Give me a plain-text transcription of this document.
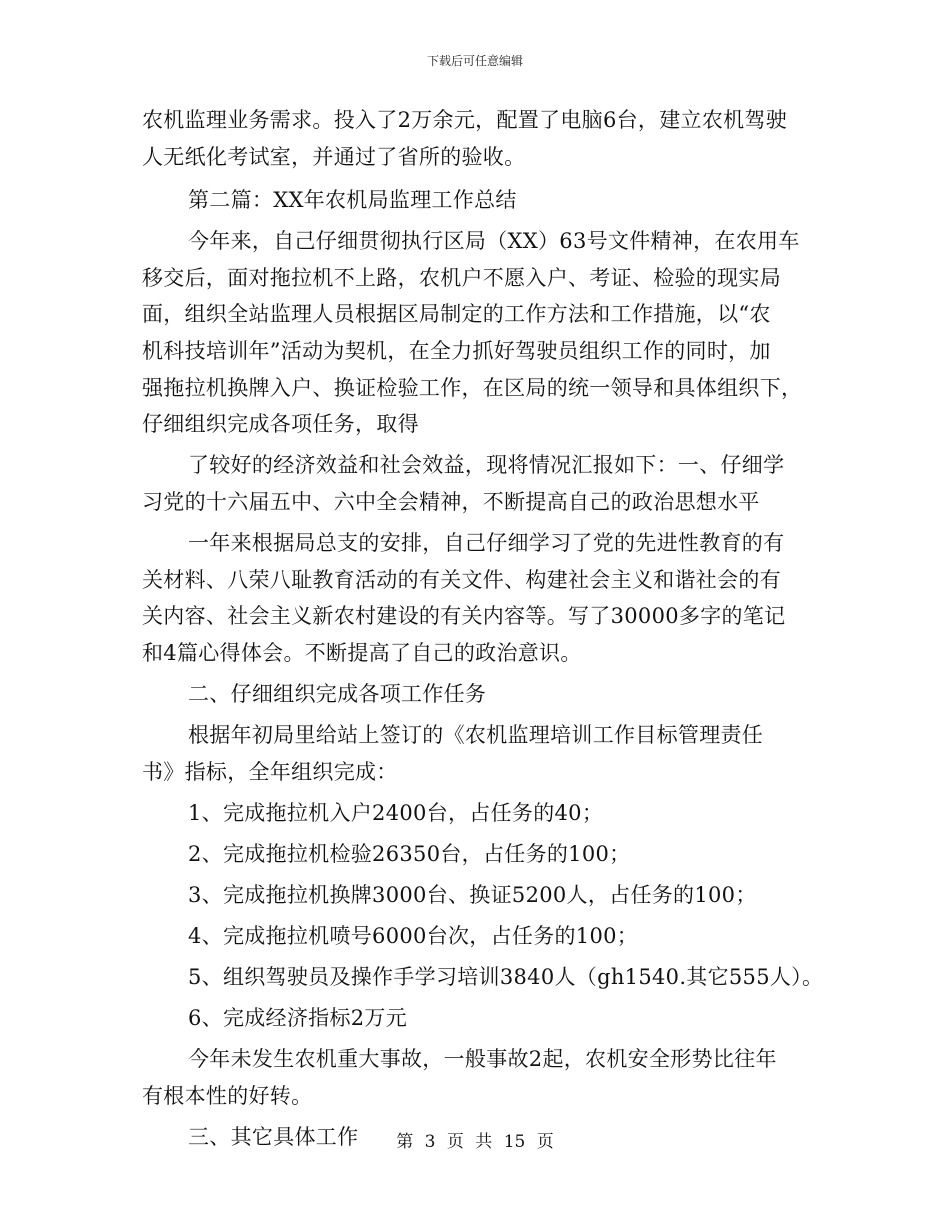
下载后可任意编辑
农机监理业务需求。投入了2万余元，配置了电脑6台，建立农机驾驶
人无纸化考试室，并通过了省所的验收。
第二篇：XX年农机局监理工作总结
今年来，自己仔细贯彻执行区局（XX）63号文件精神，在农用车
移交后，面对拖拉机不上路，农机户不愿入户、考证、检验的现实局
面，组织全站监理人员根据区局制定的工作方法和工作措施，以“农
机科技培训年”活动为契机，在全力抓好驾驶员组织工作的同时，加
强拖拉机换牌入户、换证检验工作，在区局的统一领导和具体组织下，
仔细组织完成各项任务，取得
了较好的经济效益和社会效益，现将情况汇报如下：一、仔细学
习党的十六届五中、六中全会精神，不断提高自己的政治思想水平
一年来根据局总支的安排，自己仔细学习了党的先进性教育的有
关材料、八荣八耻教育活动的有关文件、构建社会主义和谐社会的有
关内容、社会主义新农村建设的有关内容等。写了30000多字的笔记
和4篇心得体会。不断提高了自己的政治意识。
二、仔细组织完成各项工作任务
根据年初局里给站上签订的《农机监理培训工作目标管理责任
书》指标，全年组织完成：
1、完成拖拉机入户2400台，占任务的40；
2、完成拖拉机检验26350台，占任务的100；
3、完成拖拉机换牌3000台、换证5200人，占任务的100；
4、完成拖拉机喷号6000台次，占任务的100；
5、组织驾驶员及操作手学习培训3840人（gh1540.其它555人）。
6、完成经济指标2万元
今年未发生农机重大事故，一般事故2起，农机安全形势比往年
有根本性的好转。
三、其它具体工作	第 3 页 共 15 页
